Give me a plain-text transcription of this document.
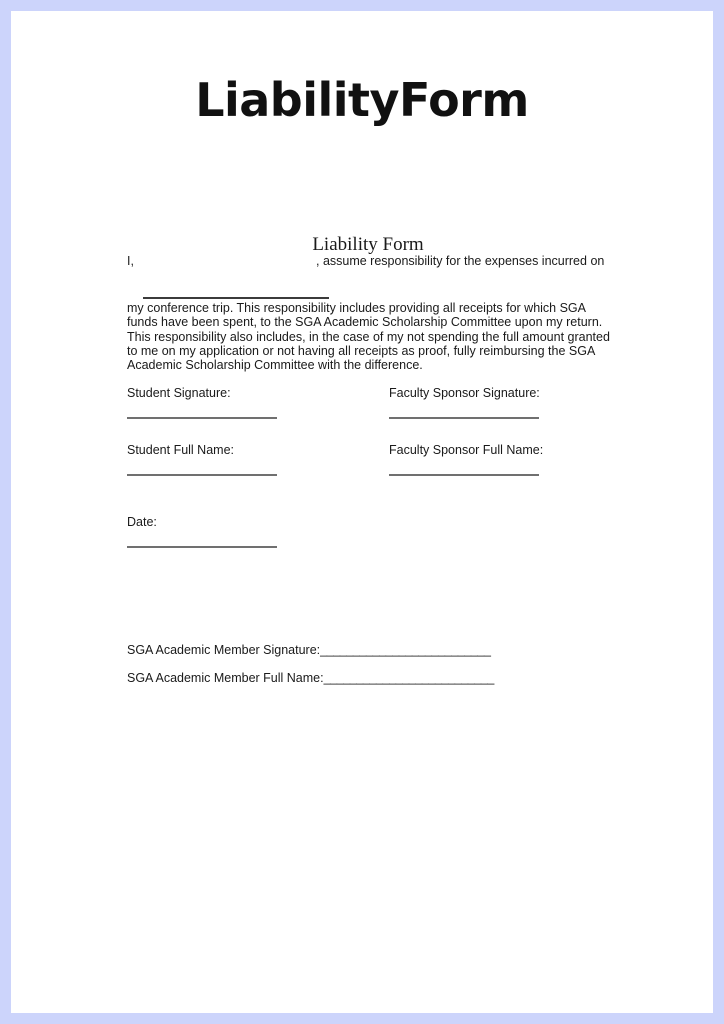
LiabilityForm
Liability Form
I,	, assume responsibility for the expenses incurred on
my conference trip. This responsibility includes providing all receipts for which SGA funds have been spent, to the SGA Academic Scholarship Committee upon my return. This responsibility also includes, in the case of my not spending the full amount granted to me on my application or not having all receipts as proof, fully reimbursing the SGA Academic Scholarship Committee with the difference.
Student Signature:	Faculty Sponsor Signature:
Student Full Name:	Faculty Sponsor Full Name:
Date:
SGA Academic Member Signature:__________________________
SGA Academic Member Full Name:__________________________
